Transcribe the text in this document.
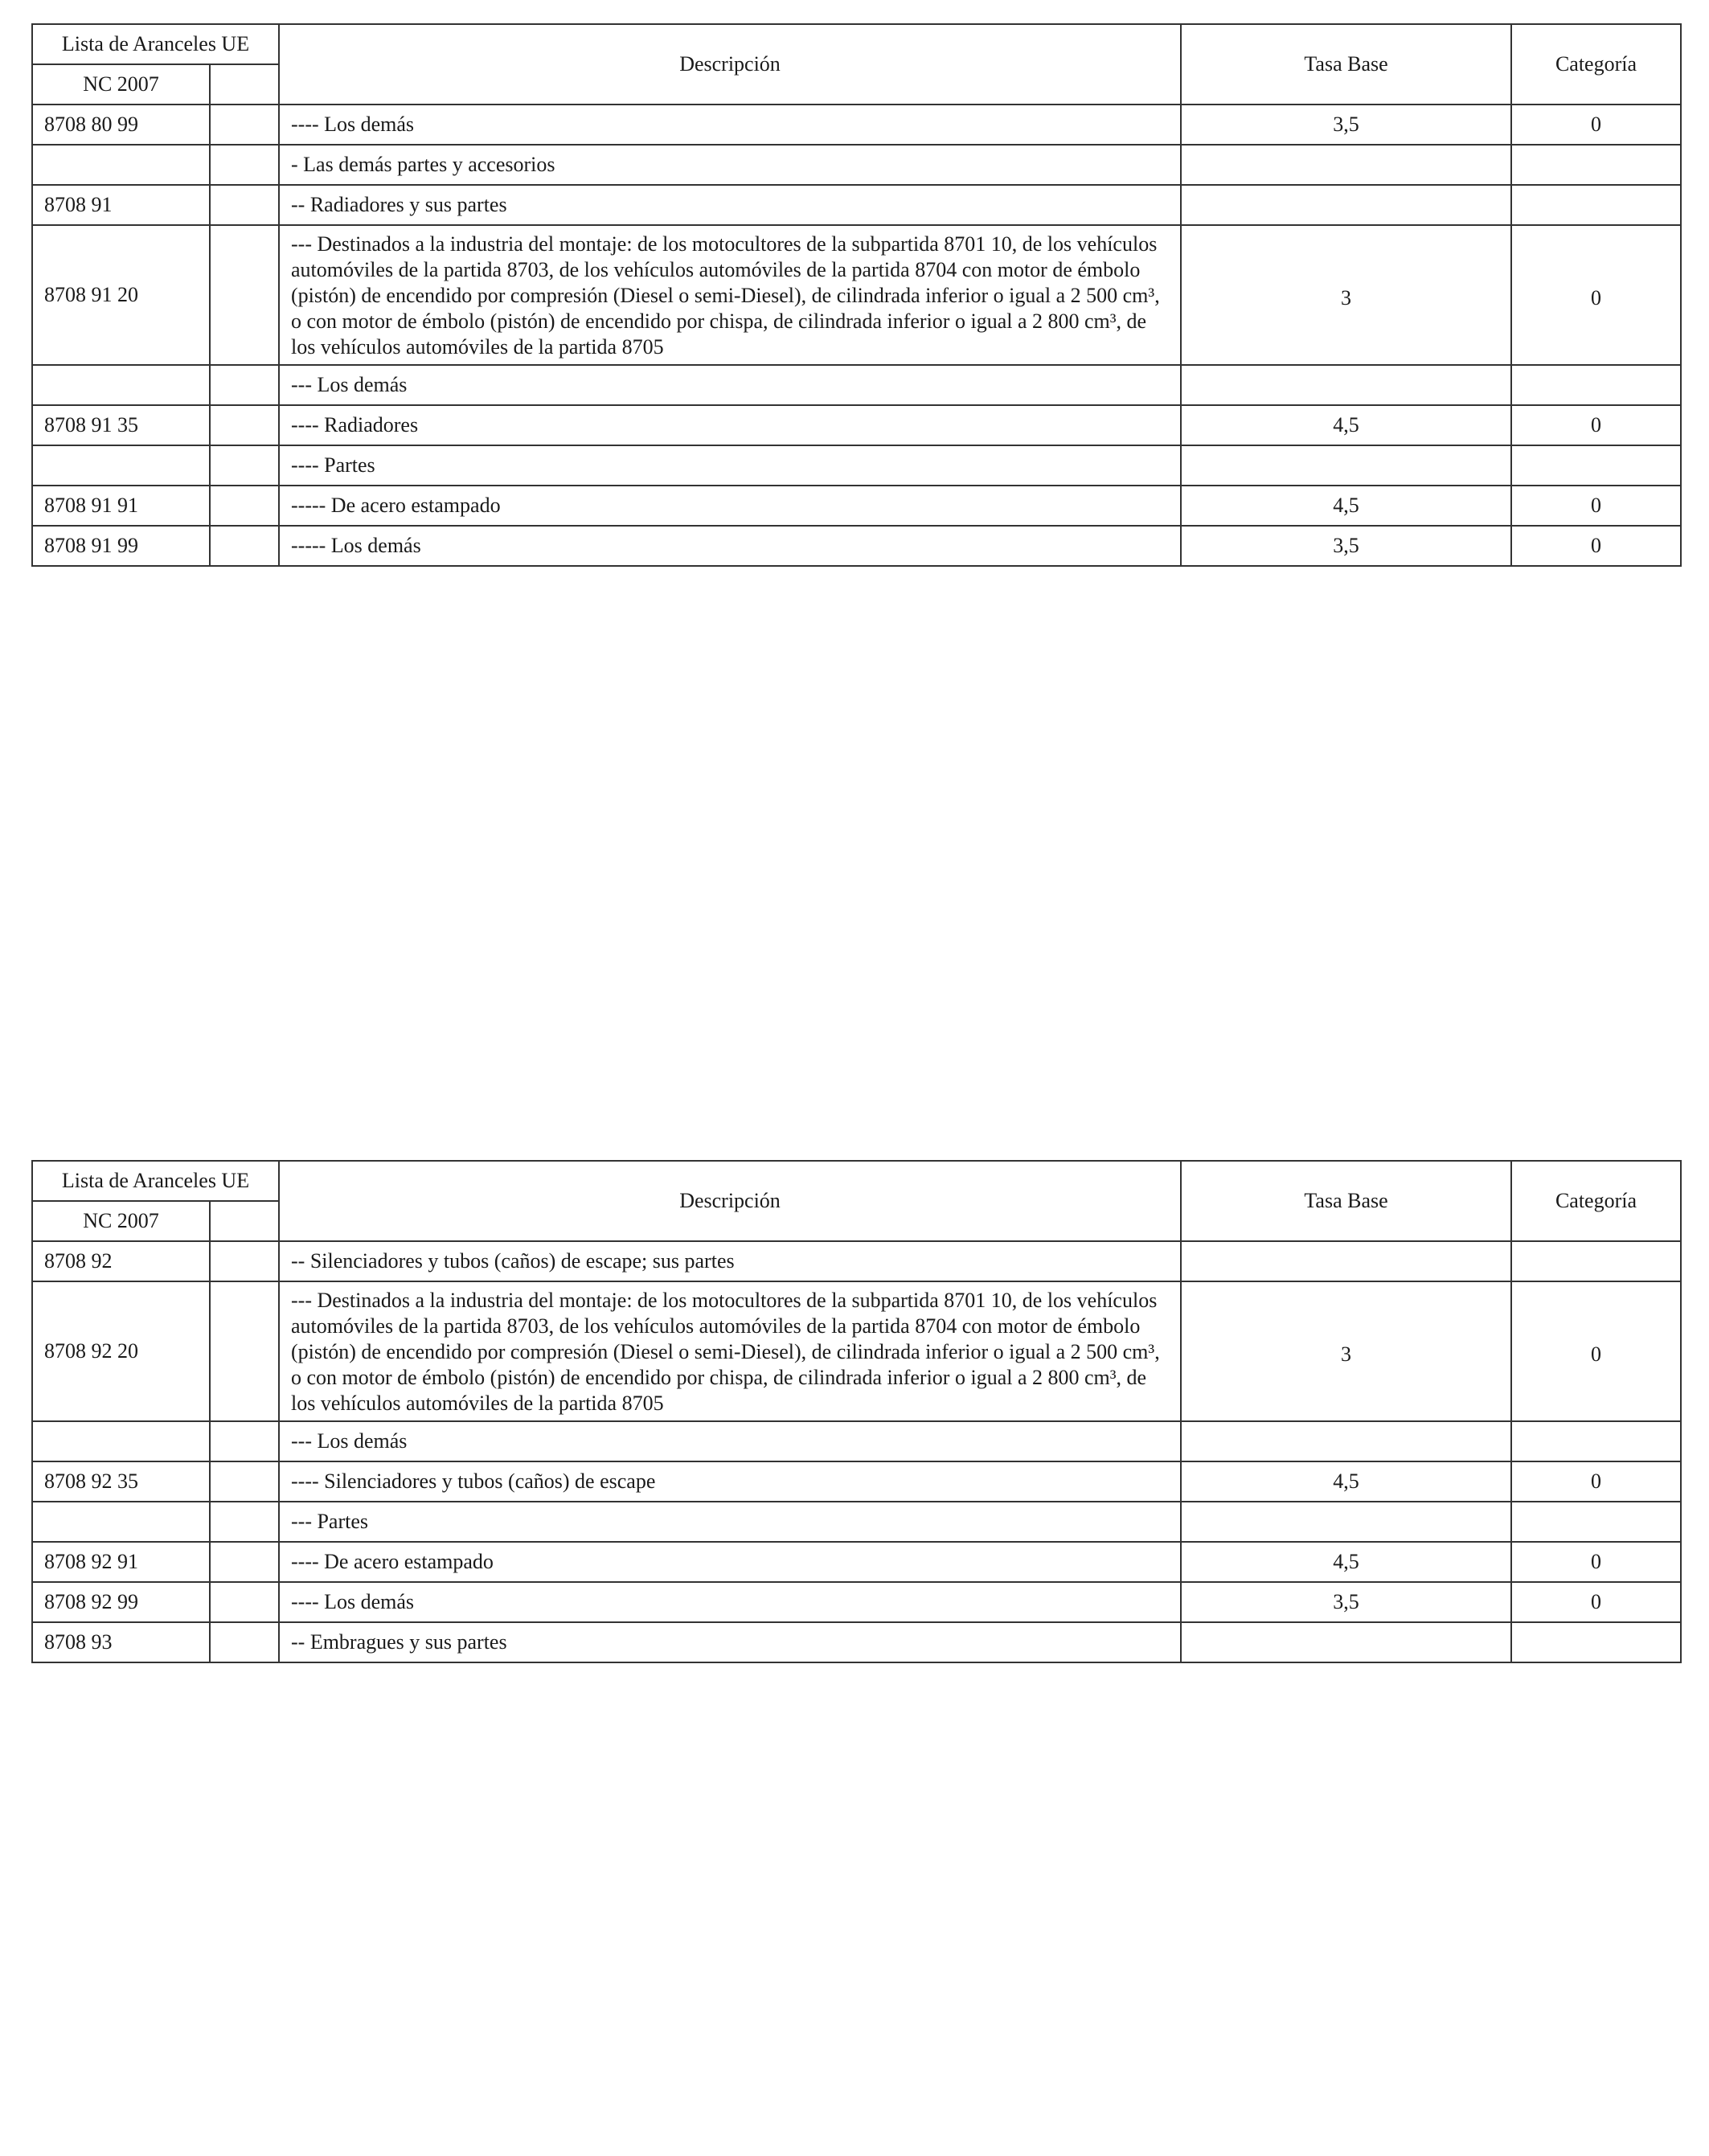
Lista de Aranceles UE		Descripción	Tasa Base	Categoría
NC 2007				
8708 80 99		---- Los demás	3,5	0
		- Las demás partes y accesorios		
8708 91		-- Radiadores y sus partes		
8708 91 20		--- Destinados a la industria del montaje: de los motocultores de la subpartida 8701 10, de los vehículos automóviles de la partida 8703, de los vehículos automóviles de la partida 8704 con motor de émbolo (pistón) de encendido por compresión (Diesel o semi-Diesel), de cilindrada inferior o igual a 2 500 cm³, o con motor de émbolo (pistón) de encendido por chispa, de cilindrada inferior o igual a 2 800 cm³, de los vehículos automóviles de la partida 8705	3	0
		--- Los demás		
8708 91 35		---- Radiadores	4,5	0
		---- Partes		
8708 91 91		----- De acero estampado	4,5	0
8708 91 99		----- Los demás	3,5	0
Lista de Aranceles UE		Descripción	Tasa Base	Categoría
NC 2007				
8708 92		-- Silenciadores y tubos (caños) de escape; sus partes		
8708 92 20		--- Destinados a la industria del montaje: de los motocultores de la subpartida 8701 10, de los vehículos automóviles de la partida 8703, de los vehículos automóviles de la partida 8704 con motor de émbolo (pistón) de encendido por compresión (Diesel o semi-Diesel), de cilindrada inferior o igual a 2 500 cm³, o con motor de émbolo (pistón) de encendido por chispa, de cilindrada inferior o igual a 2 800 cm³, de los vehículos automóviles de la partida 8705	3	0
		--- Los demás		
8708 92 35		---- Silenciadores y tubos (caños) de escape	4,5	0
		--- Partes		
8708 92 91		---- De acero estampado	4,5	0
8708 92 99		---- Los demás	3,5	0
8708 93		-- Embragues y sus partes		
